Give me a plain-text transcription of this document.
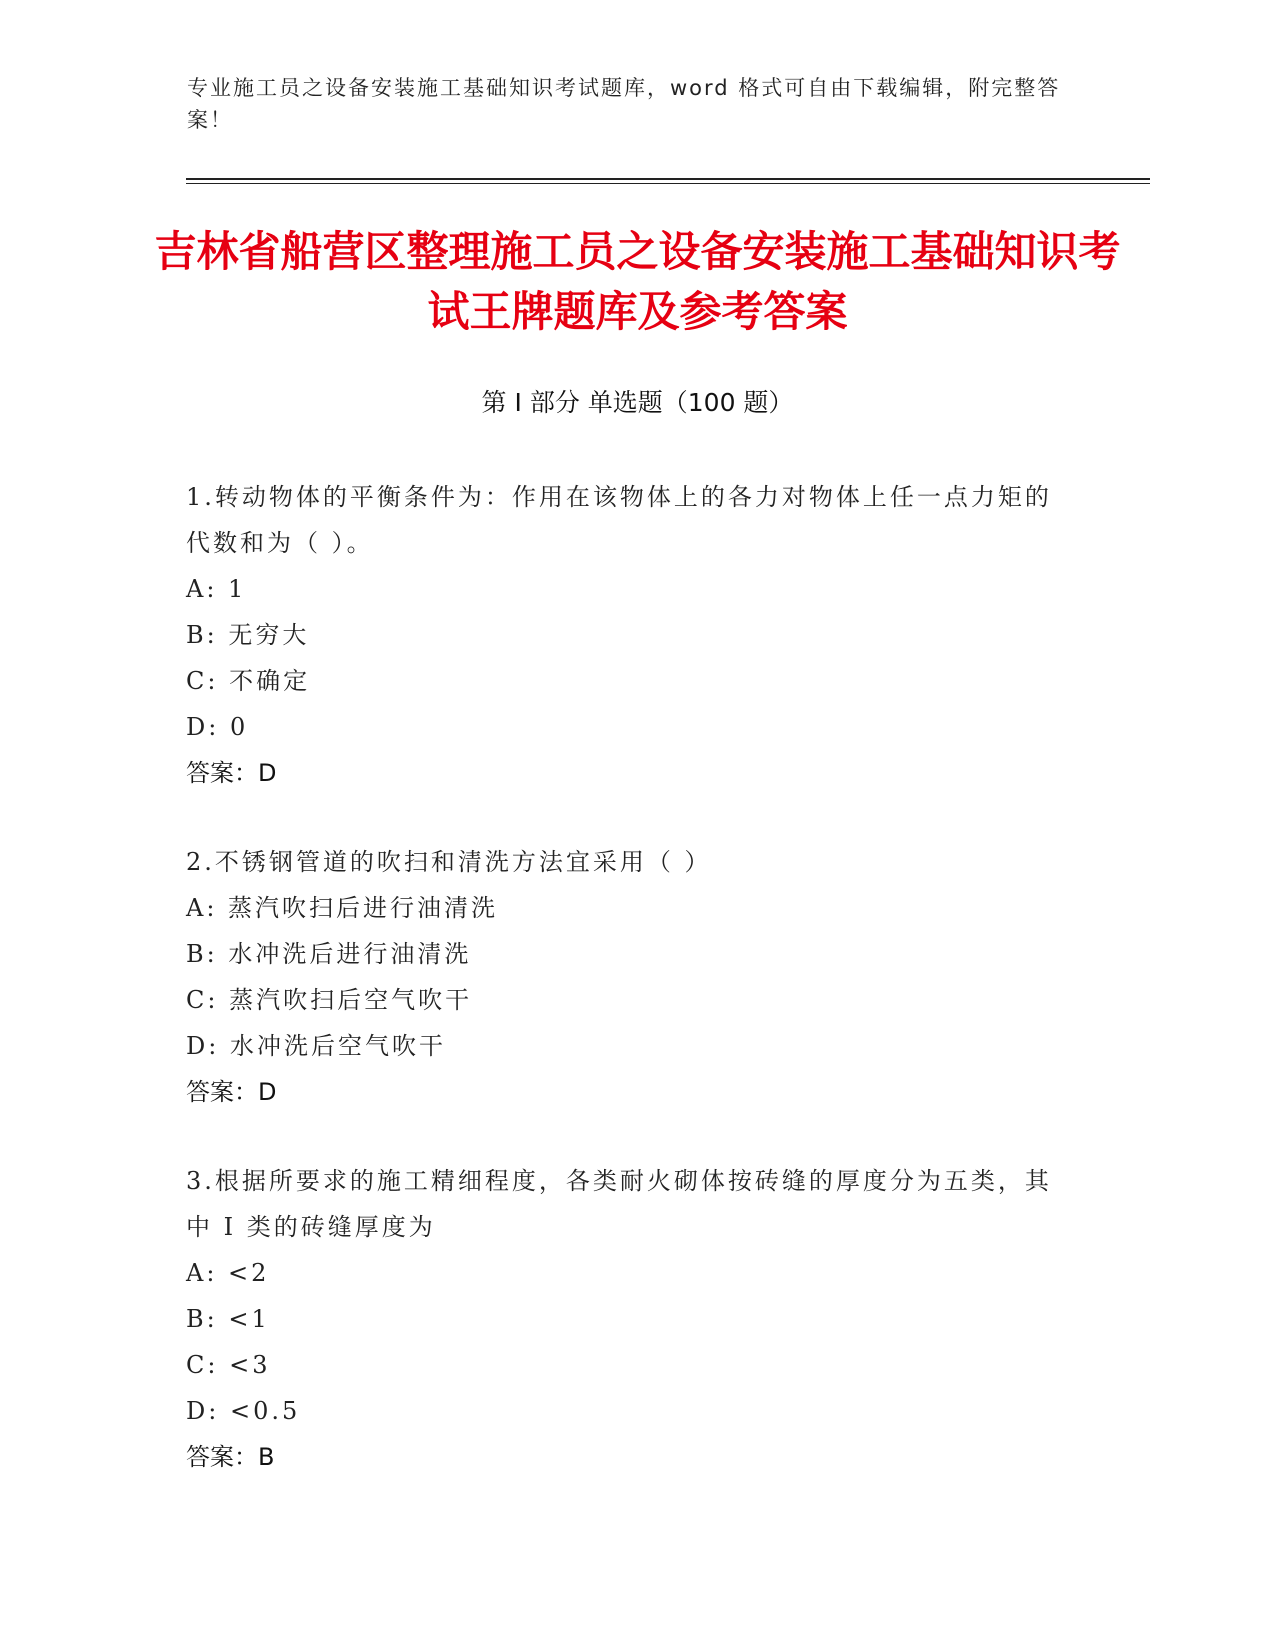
专业施工员之设备安装施工基础知识考试题库，word 格式可自由下载编辑，附完整答案！
吉林省船营区整理施工员之设备安装施工基础知识考试王牌题库及参考答案
第 I 部分 单选题（100 题）
1.转动物体的平衡条件为：作用在该物体上的各力对物体上任一点力矩的代数和为（ ）。
A: 1
B: 无穷大
C: 不确定
D: 0
答案：D
2.不锈钢管道的吹扫和清洗方法宜采用（ ）
A: 蒸汽吹扫后进行油清洗
B: 水冲洗后进行油清洗
C: 蒸汽吹扫后空气吹干
D: 水冲洗后空气吹干
答案：D
3.根据所要求的施工精细程度，各类耐火砌体按砖缝的厚度分为五类，其中 I 类的砖缝厚度为
A: <2
B: <1
C: <3
D: <0.5
答案：B
